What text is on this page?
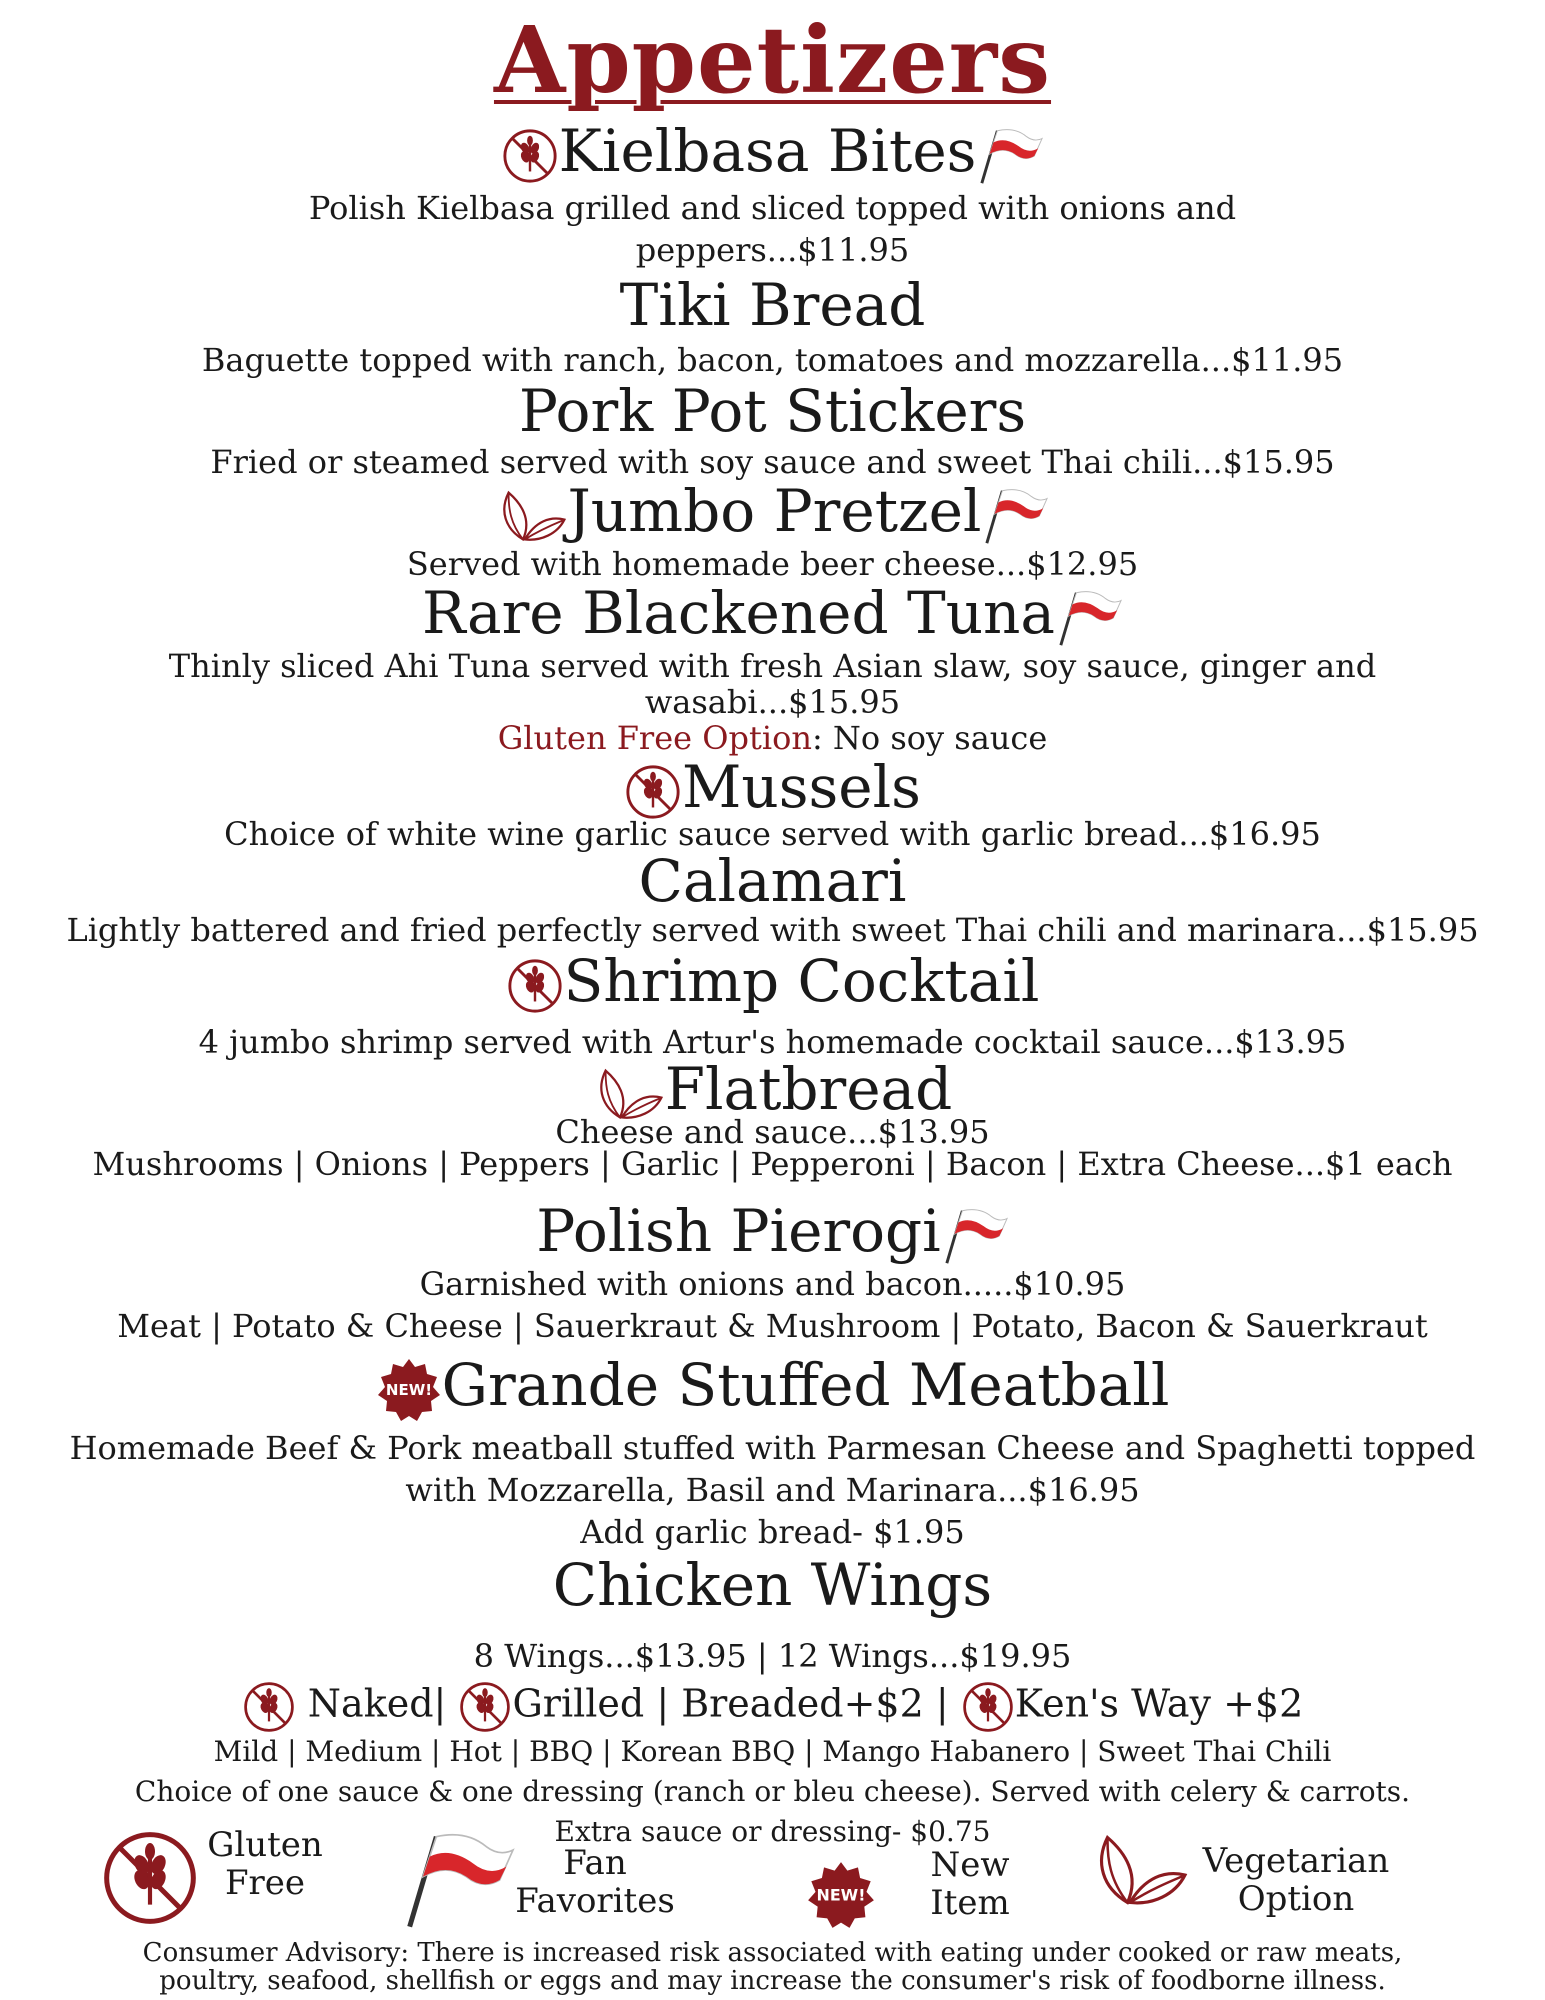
Appetizers
Kielbasa Bites
Polish Kielbasa grilled and sliced topped with onions and
peppers...$11.95
Tiki Bread
Baguette topped with ranch, bacon, tomatoes and mozzarella...$11.95
Pork Pot Stickers
Fried or steamed served with soy sauce and sweet Thai chili...$15.95
Jumbo Pretzel
Served with homemade beer cheese...$12.95
Rare Blackened Tuna
Thinly sliced Ahi Tuna served with fresh Asian slaw, soy sauce, ginger and
wasabi...$15.95
Gluten Free Option: No soy sauce
Mussels
Choice of white wine garlic sauce served with garlic bread...$16.95
Calamari
Lightly battered and fried perfectly served with sweet Thai chili and marinara...$15.95
Shrimp Cocktail
4 jumbo shrimp served with Artur's homemade cocktail sauce...$13.95
Flatbread
Cheese and sauce...$13.95
Mushrooms | Onions | Peppers | Garlic | Pepperoni | Bacon | Extra Cheese...$1 each
Polish Pierogi
Garnished with onions and bacon.....$10.95
Meat | Potato & Cheese | Sauerkraut & Mushroom | Potato, Bacon & Sauerkraut
NEW! Grande Stuffed Meatball
Homemade Beef & Pork meatball stuffed with Parmesan Cheese and Spaghetti topped
with Mozzarella, Basil and Marinara...$16.95
Add garlic bread- $1.95
Chicken Wings
8 Wings...$13.95 | 12 Wings...$19.95
Naked|
Grilled | Breaded+$2 | Ken's Way +$2
Mild | Medium | Hot | BBQ | Korean BBQ | Mango Habanero | Sweet Thai Chili
Choice of one sauce & one dressing (ranch or bleu cheese). Served with celery & carrots.
Extra sauce or dressing- $0.75
Gluten
Free	Fan
Favorites	NEW!
New
Item
Vegetarian
Option
Consumer Advisory: There is increased risk associated with eating under cooked or raw meats,
poultry, seafood, shellfish or eggs and may increase the consumer's risk of foodborne illness.
